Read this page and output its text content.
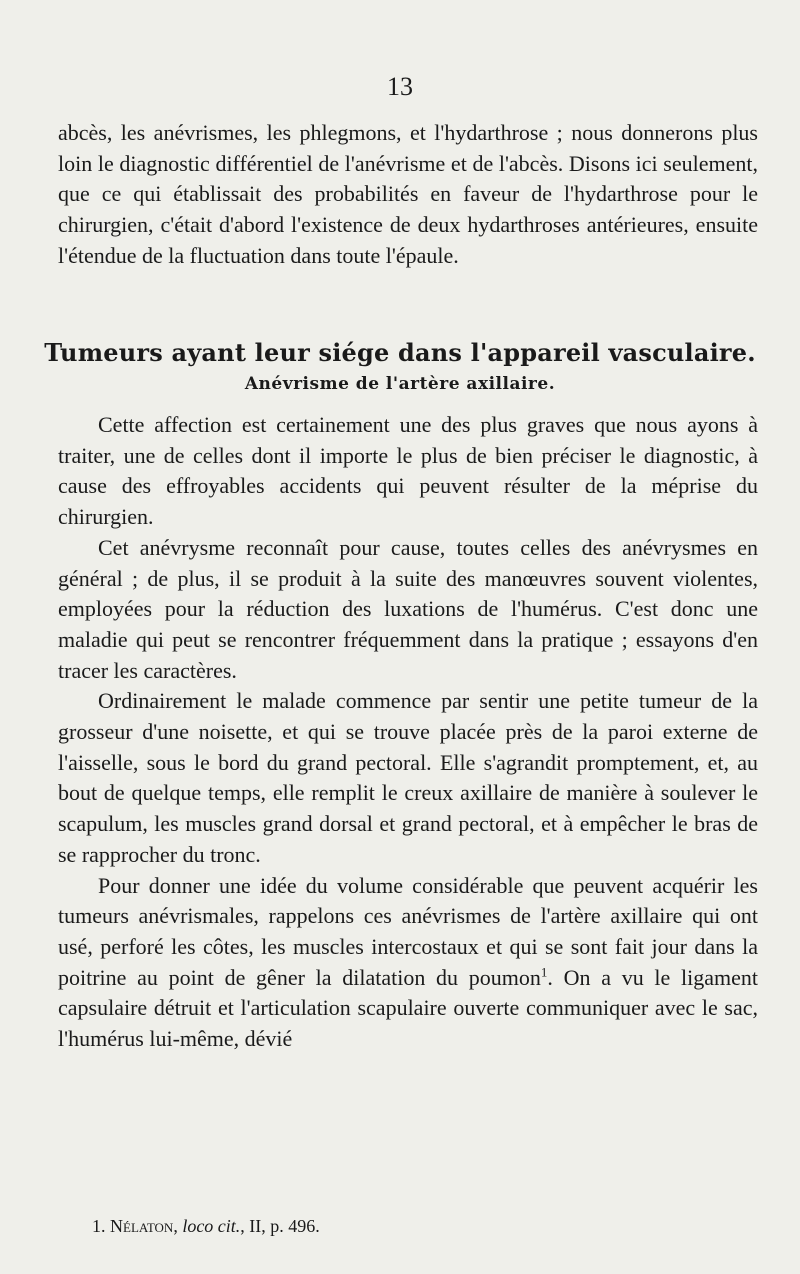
13

abcès, les anévrismes, les phlegmons, et l'hydarthrose ; nous donnerons plus loin le diagnostic différentiel de l'anévrisme et de l'abcès. Disons ici seulement, que ce qui établissait des probabilités en faveur de l'hydarthrose pour le chirurgien, c'était d'abord l'existence de deux hydarthroses antérieures, ensuite l'étendue de la fluctuation dans toute l'épaule.

Tumeurs ayant leur siége dans l'appareil vasculaire.
Anévrisme de l'artère axillaire.

Cette affection est certainement une des plus graves que nous ayons à traiter, une de celles dont il importe le plus de bien préciser le diagnostic, à cause des effroyables accidents qui peuvent résulter de la méprise du chirurgien.

Cet anévrysme reconnaît pour cause, toutes celles des anévrysmes en général ; de plus, il se produit à la suite des manœuvres souvent violentes, employées pour la réduction des luxations de l'humérus. C'est donc une maladie qui peut se rencontrer fréquemment dans la pratique ; essayons d'en tracer les caractères.

Ordinairement le malade commence par sentir une petite tumeur de la grosseur d'une noisette, et qui se trouve placée près de la paroi externe de l'aisselle, sous le bord du grand pectoral. Elle s'agrandit promptement, et, au bout de quelque temps, elle remplit le creux axillaire de manière à soulever le scapulum, les muscles grand dorsal et grand pectoral, et à empêcher le bras de se rapprocher du tronc.

Pour donner une idée du volume considérable que peuvent acquérir les tumeurs anévrismales, rappelons ces anévrismes de l'artère axillaire qui ont usé, perforé les côtes, les muscles intercostaux et qui se sont fait jour dans la poitrine au point de gêner la dilatation du poumon$^1$. On a vu le ligament capsulaire détruit et l'articulation scapulaire ouverte communiquer avec le sac, l'humérus lui-même, dévié

1. Nélaton, loco cit., II, p. 496.
